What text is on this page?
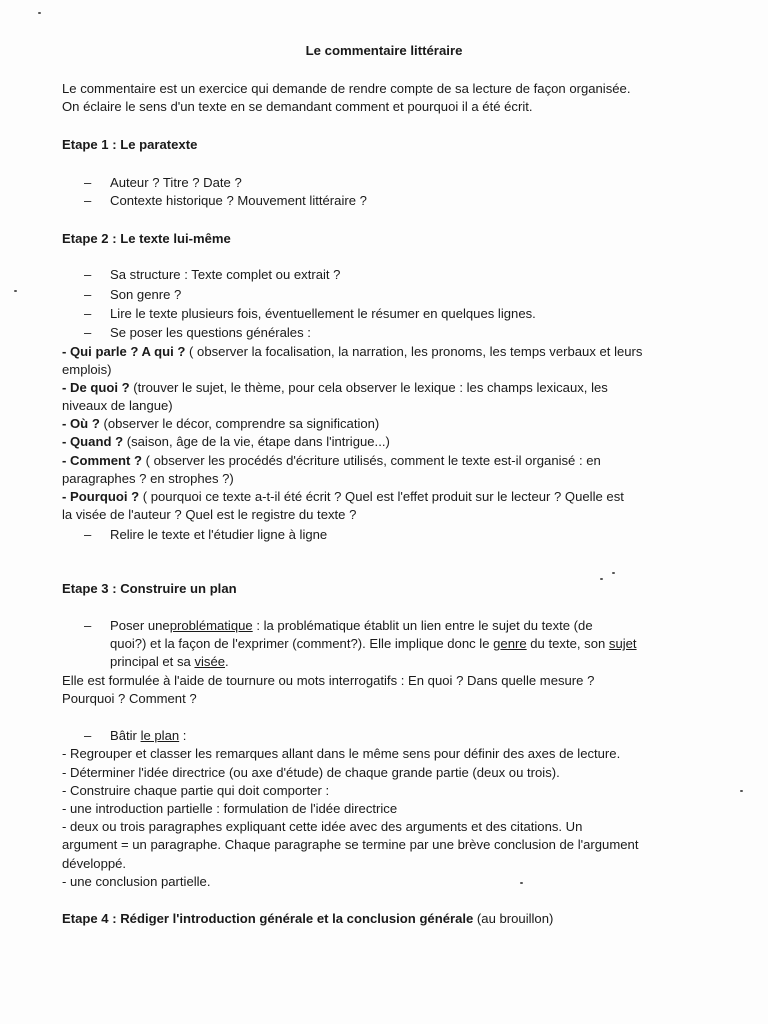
Le commentaire littéraire
Le commentaire est un exercice qui demande de rendre compte de sa lecture de façon organisée.
On éclaire le sens d'un texte en se demandant comment et pourquoi il a été écrit.
Etape 1 : Le paratexte
– Auteur ? Titre ? Date ?
– Contexte historique ? Mouvement littéraire ?
Etape 2 : Le texte lui-même
– Sa structure : Texte complet ou extrait ?
– Son genre ?
– Lire le texte plusieurs fois, éventuellement le résumer en quelques lignes.
– Se poser les questions générales :
- Qui parle ? A qui ? ( observer la focalisation, la narration, les pronoms, les temps verbaux et leurs
emplois)
- De quoi ? (trouver le sujet, le thème, pour cela observer le lexique : les champs lexicaux, les
niveaux de langue)
- Où ? (observer le décor, comprendre sa signification)
- Quand ? (saison, âge de la vie, étape dans l'intrigue...)
- Comment ? ( observer les procédés d'écriture utilisés, comment le texte est-il organisé : en
paragraphes ? en strophes ?)
- Pourquoi ? ( pourquoi ce texte a-t-il été écrit ? Quel est l'effet produit sur le lecteur ? Quelle est
la visée de l'auteur ? Quel est le registre du texte ?
– Relire le texte et l'étudier ligne à ligne
Etape 3 : Construire un plan
– Poser uneproblématique : la problématique établit un lien entre le sujet du texte (de
quoi?) et la façon de l'exprimer (comment?). Elle implique donc le genre du texte, son sujet
principal et sa visée.
Elle est formulée à l'aide de tournure ou mots interrogatifs : En quoi ? Dans quelle mesure ?
Pourquoi ? Comment ?
– Bâtir le plan :
- Regrouper et classer les remarques allant dans le même sens pour définir des axes de lecture.
- Déterminer l'idée directrice (ou axe d'étude) de chaque grande partie (deux ou trois).
- Construire chaque partie qui doit comporter :
- une introduction partielle : formulation de l'idée directrice
- deux ou trois paragraphes expliquant cette idée avec des arguments et des citations. Un
argument = un paragraphe. Chaque paragraphe se termine par une brève conclusion de l'argument
développé.
- une conclusion partielle.
Etape 4 : Rédiger l'introduction générale et la conclusion générale (au brouillon)
